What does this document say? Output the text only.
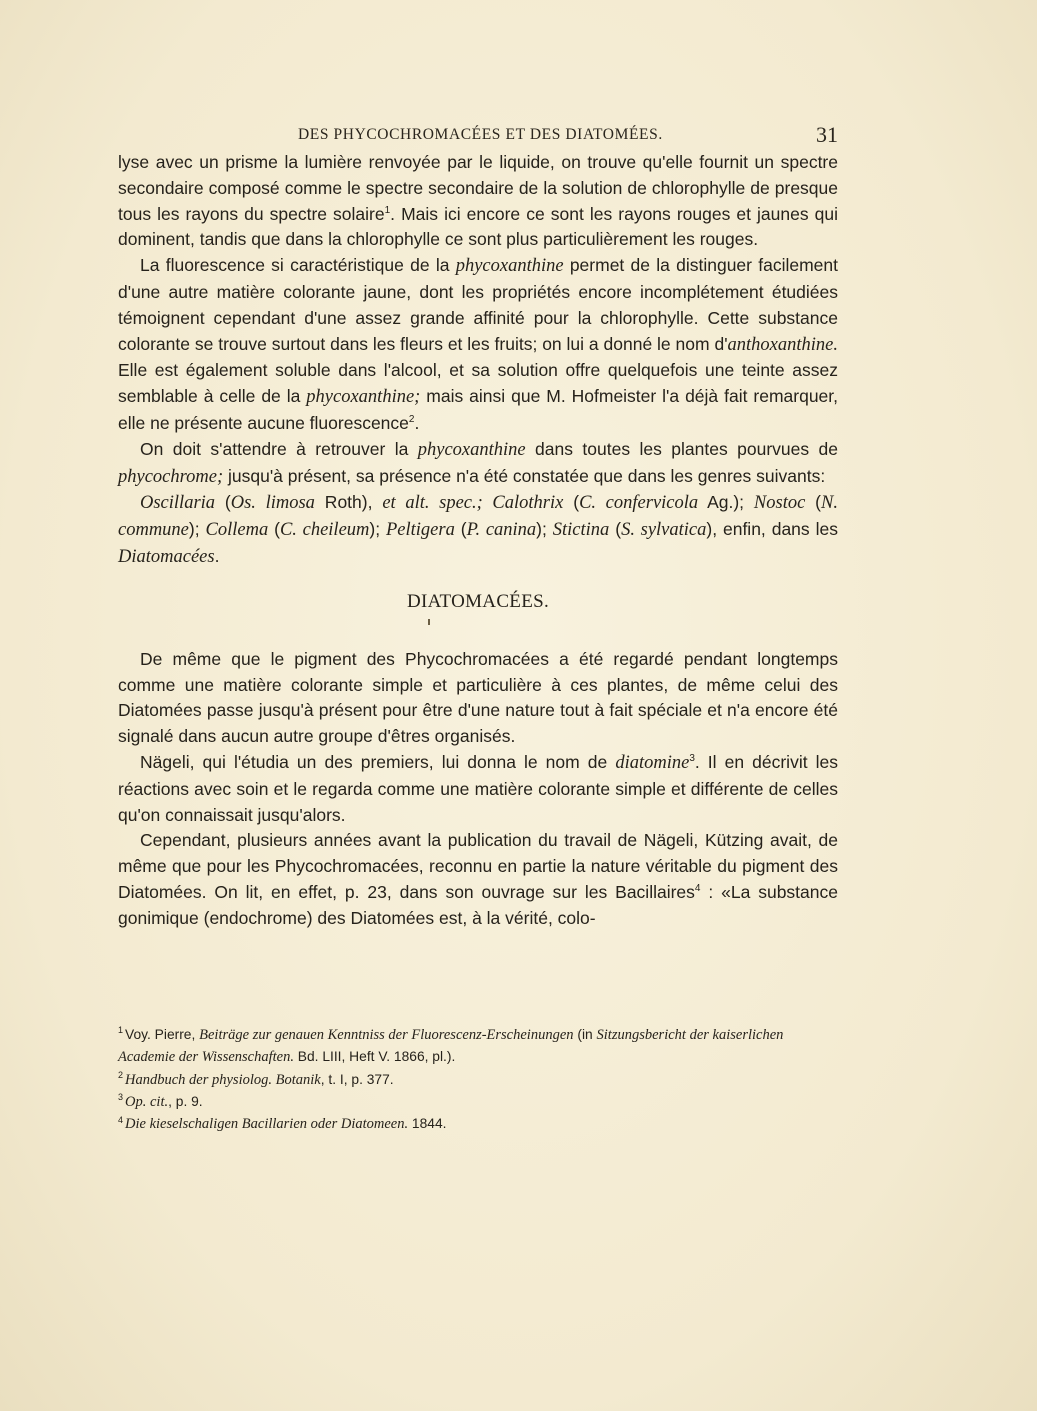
DES PHYCOCHROMACÉES ET DES DIATOMÉES.	31

lyse avec un prisme la lumière renvoyée par le liquide, on trouve qu'elle fournit un spectre secondaire composé comme le spectre secondaire de la solution de chlorophylle de presque tous les rayons du spectre solaire$^1$. Mais ici encore ce sont les rayons rouges et jaunes qui dominent, tandis que dans la chlorophylle ce sont plus particulièrement les rouges.

La fluorescence si caractéristique de la phycoxanthine permet de la distinguer facilement d'une autre matière colorante jaune, dont les propriétés encore incomplétement étudiées témoignent cependant d'une assez grande affinité pour la chlorophylle. Cette substance colorante se trouve surtout dans les fleurs et les fruits; on lui a donné le nom d'anthoxanthine. Elle est également soluble dans l'alcool, et sa solution offre quelquefois une teinte assez semblable à celle de la phycoxanthine; mais ainsi que M. Hofmeister l'a déjà fait remarquer, elle ne présente aucune fluorescence$^2$.

On doit s'attendre à retrouver la phycoxanthine dans toutes les plantes pourvues de phycochrome; jusqu'à présent, sa présence n'a été constatée que dans les genres suivants:

Oscillaria (Os. limosa Roth), et alt. spec.; Calothrix (C. confervicola Ag.); Nostoc (N. commune); Collema (C. cheileum); Peltigera (P. canina); Stictina (S. sylvatica), enfin, dans les Diatomacées.

DIATOMACÉES.

De même que le pigment des Phycochromacées a été regardé pendant longtemps comme une matière colorante simple et particulière à ces plantes, de même celui des Diatomées passe jusqu'à présent pour être d'une nature tout à fait spéciale et n'a encore été signalé dans aucun autre groupe d'êtres organisés.

Nägeli, qui l'étudia un des premiers, lui donna le nom de diatomine$^3$. Il en décrivit les réactions avec soin et le regarda comme une matière colorante simple et différente de celles qu'on connaissait jusqu'alors.

Cependant, plusieurs années avant la publication du travail de Nägeli, Kützing avait, de même que pour les Phycochromacées, reconnu en partie la nature véritable du pigment des Diatomées. On lit, en effet, p. 23, dans son ouvrage sur les Bacillaires$^4$ : «La substance gonimique (endochrome) des Diatomées est, à la vérité, colo-

$^1$ Voy. Pierre, Beiträge zur genauen Kenntniss der Fluorescenz-Erscheinungen (in Sitzungsbericht der kaiserlichen Academie der Wissenschaften. Bd. LIII, Heft V. 1866, pl.).

$^2$ Handbuch der physiolog. Botanik, t. I, p. 377.

$^3$ Op. cit., p. 9.

$^4$ Die kieselschaligen Bacillarien oder Diatomeen. 1844.
